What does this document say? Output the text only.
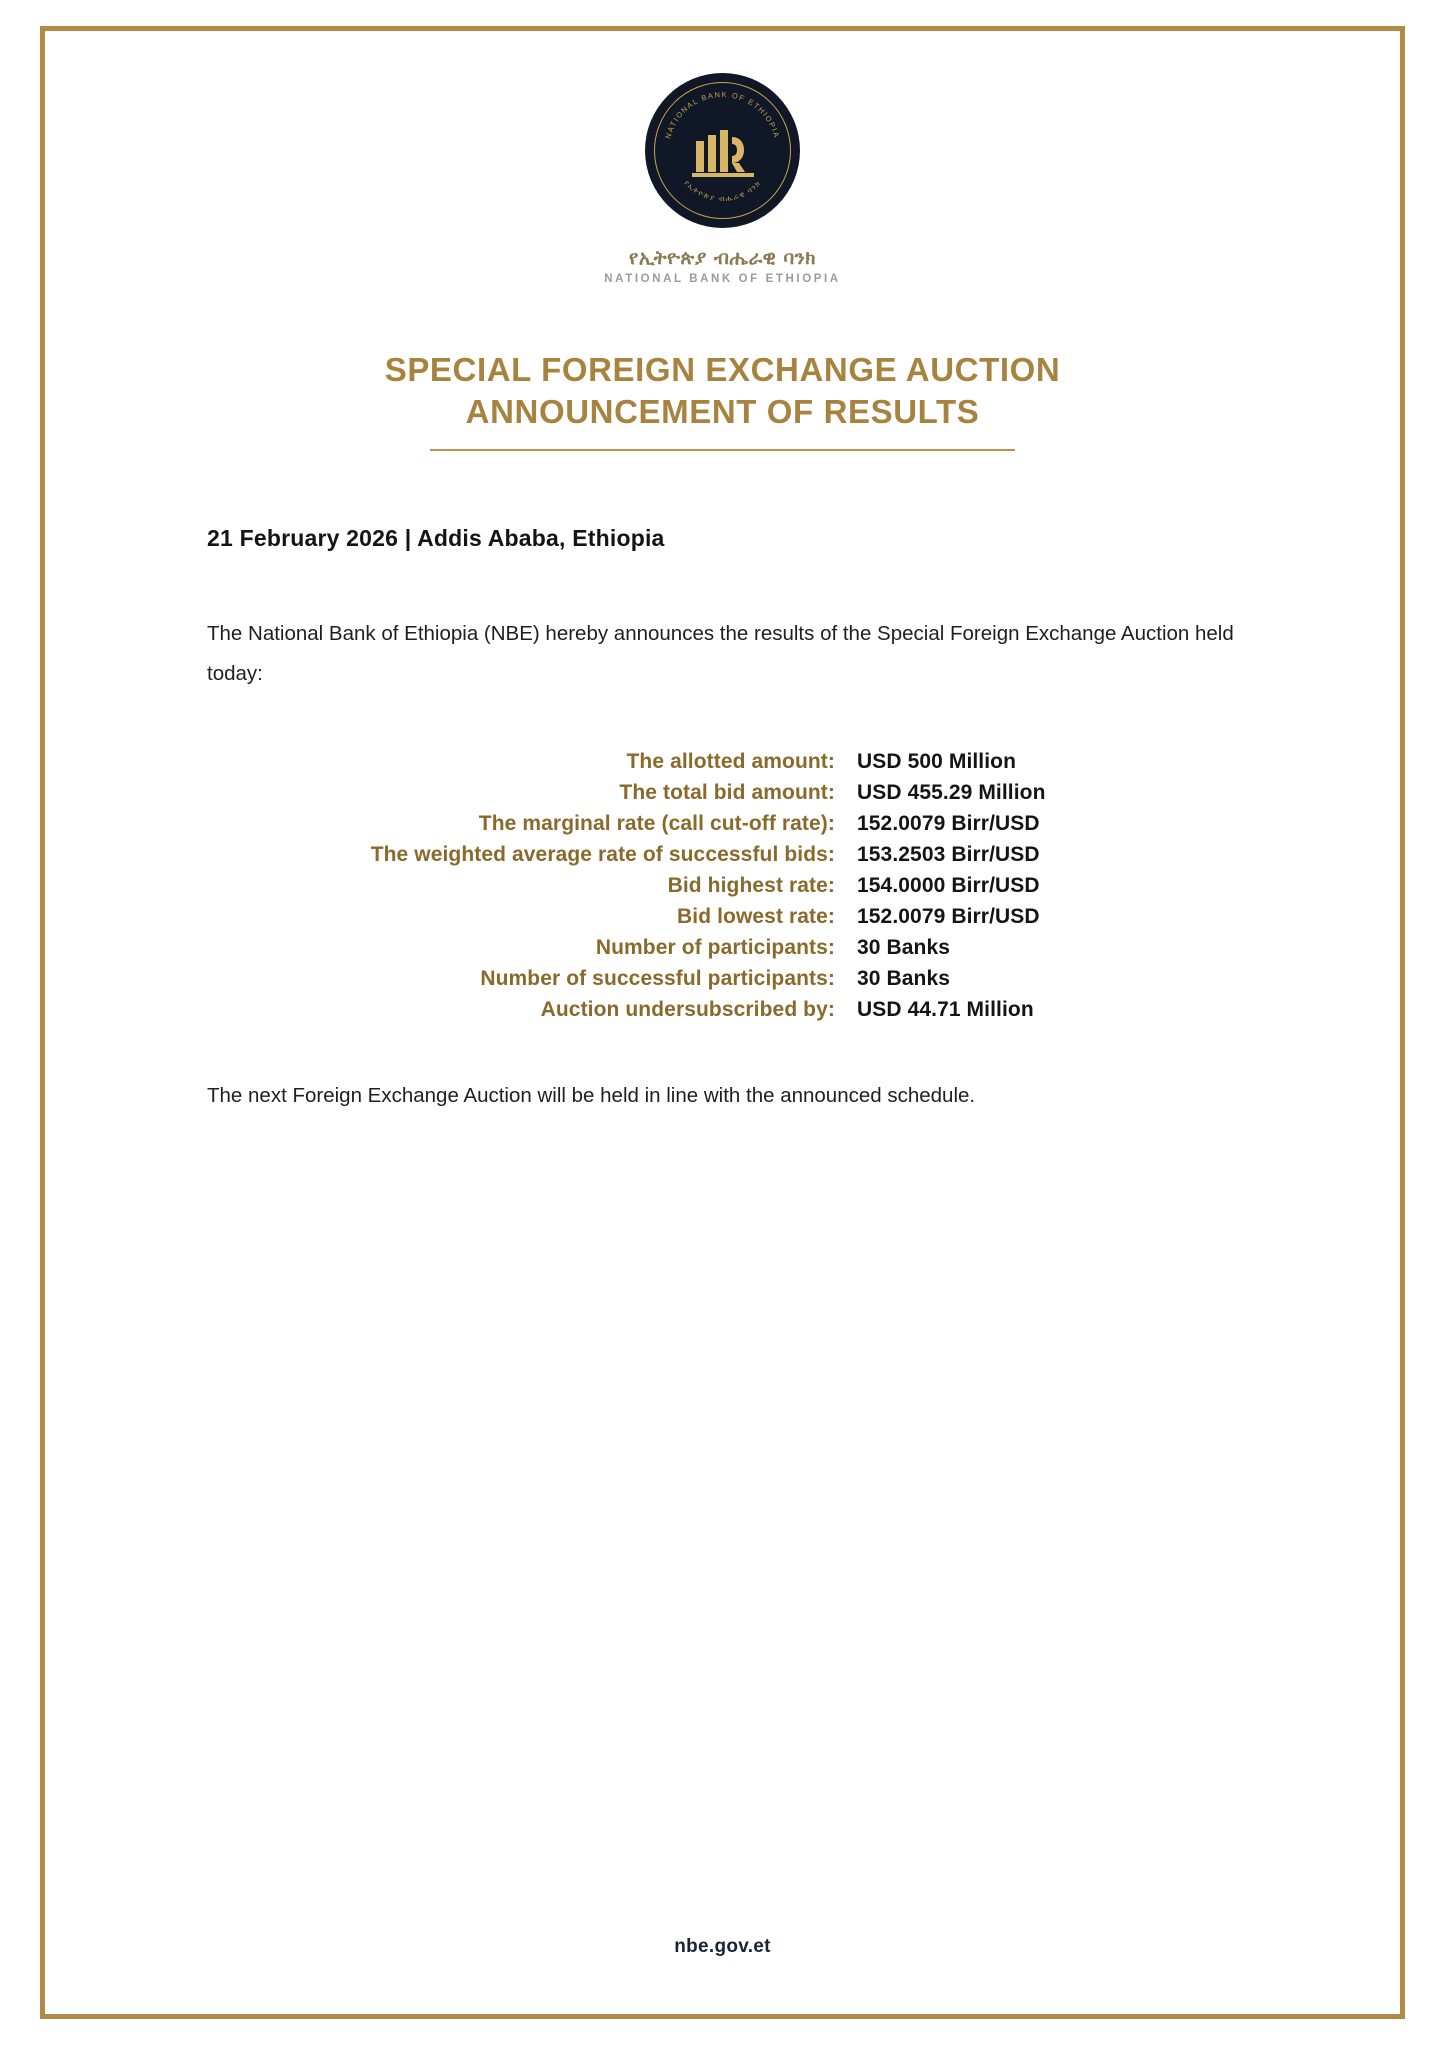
NATIONAL BANK OF ETHIOPIA
የኢትዮጵያ ብሔራዊ ባንክ
የኢትዮጵያ ብሔራዊ ባንክ
NATIONAL BANK OF ETHIOPIA
SPECIAL FOREIGN EXCHANGE AUCTION
ANNOUNCEMENT OF RESULTS
21 February 2026 | Addis Ababa, Ethiopia
The National Bank of Ethiopia (NBE) hereby announces the results of the Special Foreign Exchange Auction held today:
The allotted amount:	USD 500 Million
The total bid amount:	USD 455.29 Million
The marginal rate (call cut-off rate):	152.0079 Birr/USD
The weighted average rate of successful bids:	153.2503 Birr/USD
Bid highest rate:	154.0000 Birr/USD
Bid lowest rate:	152.0079 Birr/USD
Number of participants:	30 Banks
Number of successful participants:	30 Banks
Auction undersubscribed by:	USD 44.71 Million
The next Foreign Exchange Auction will be held in line with the announced schedule.
nbe.gov.et
